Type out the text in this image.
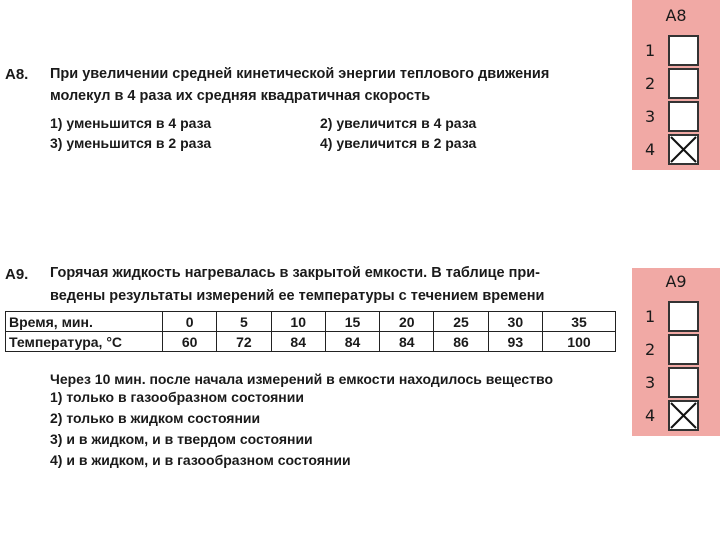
А8. При увеличении средней кинетической энергии теплового движения
молекул в 4 раза их средняя квадратичная скорость
1) уменьшится в 4 раза	2) увеличится в 4 раза
3) уменьшится в 2 раза	4) увеличится в 2 раза
А9. Горячая жидкость нагревалась в закрытой емкости. В таблице при-
ведены результаты измерений ее температуры с течением времени
Время, мин.	0	5	10	15	20	25	30	35
Температура, °С	60	72	84	84	84	86	93	100
Через 10 мин. после начала измерений в емкости находилось вещество
1) только в газообразном состоянии
2) только в жидком состоянии
3) и в жидком, и в твердом состоянии
4) и в жидком, и в газообразном состоянии
А8
1
2
3
4
А9
1
2
3
4
